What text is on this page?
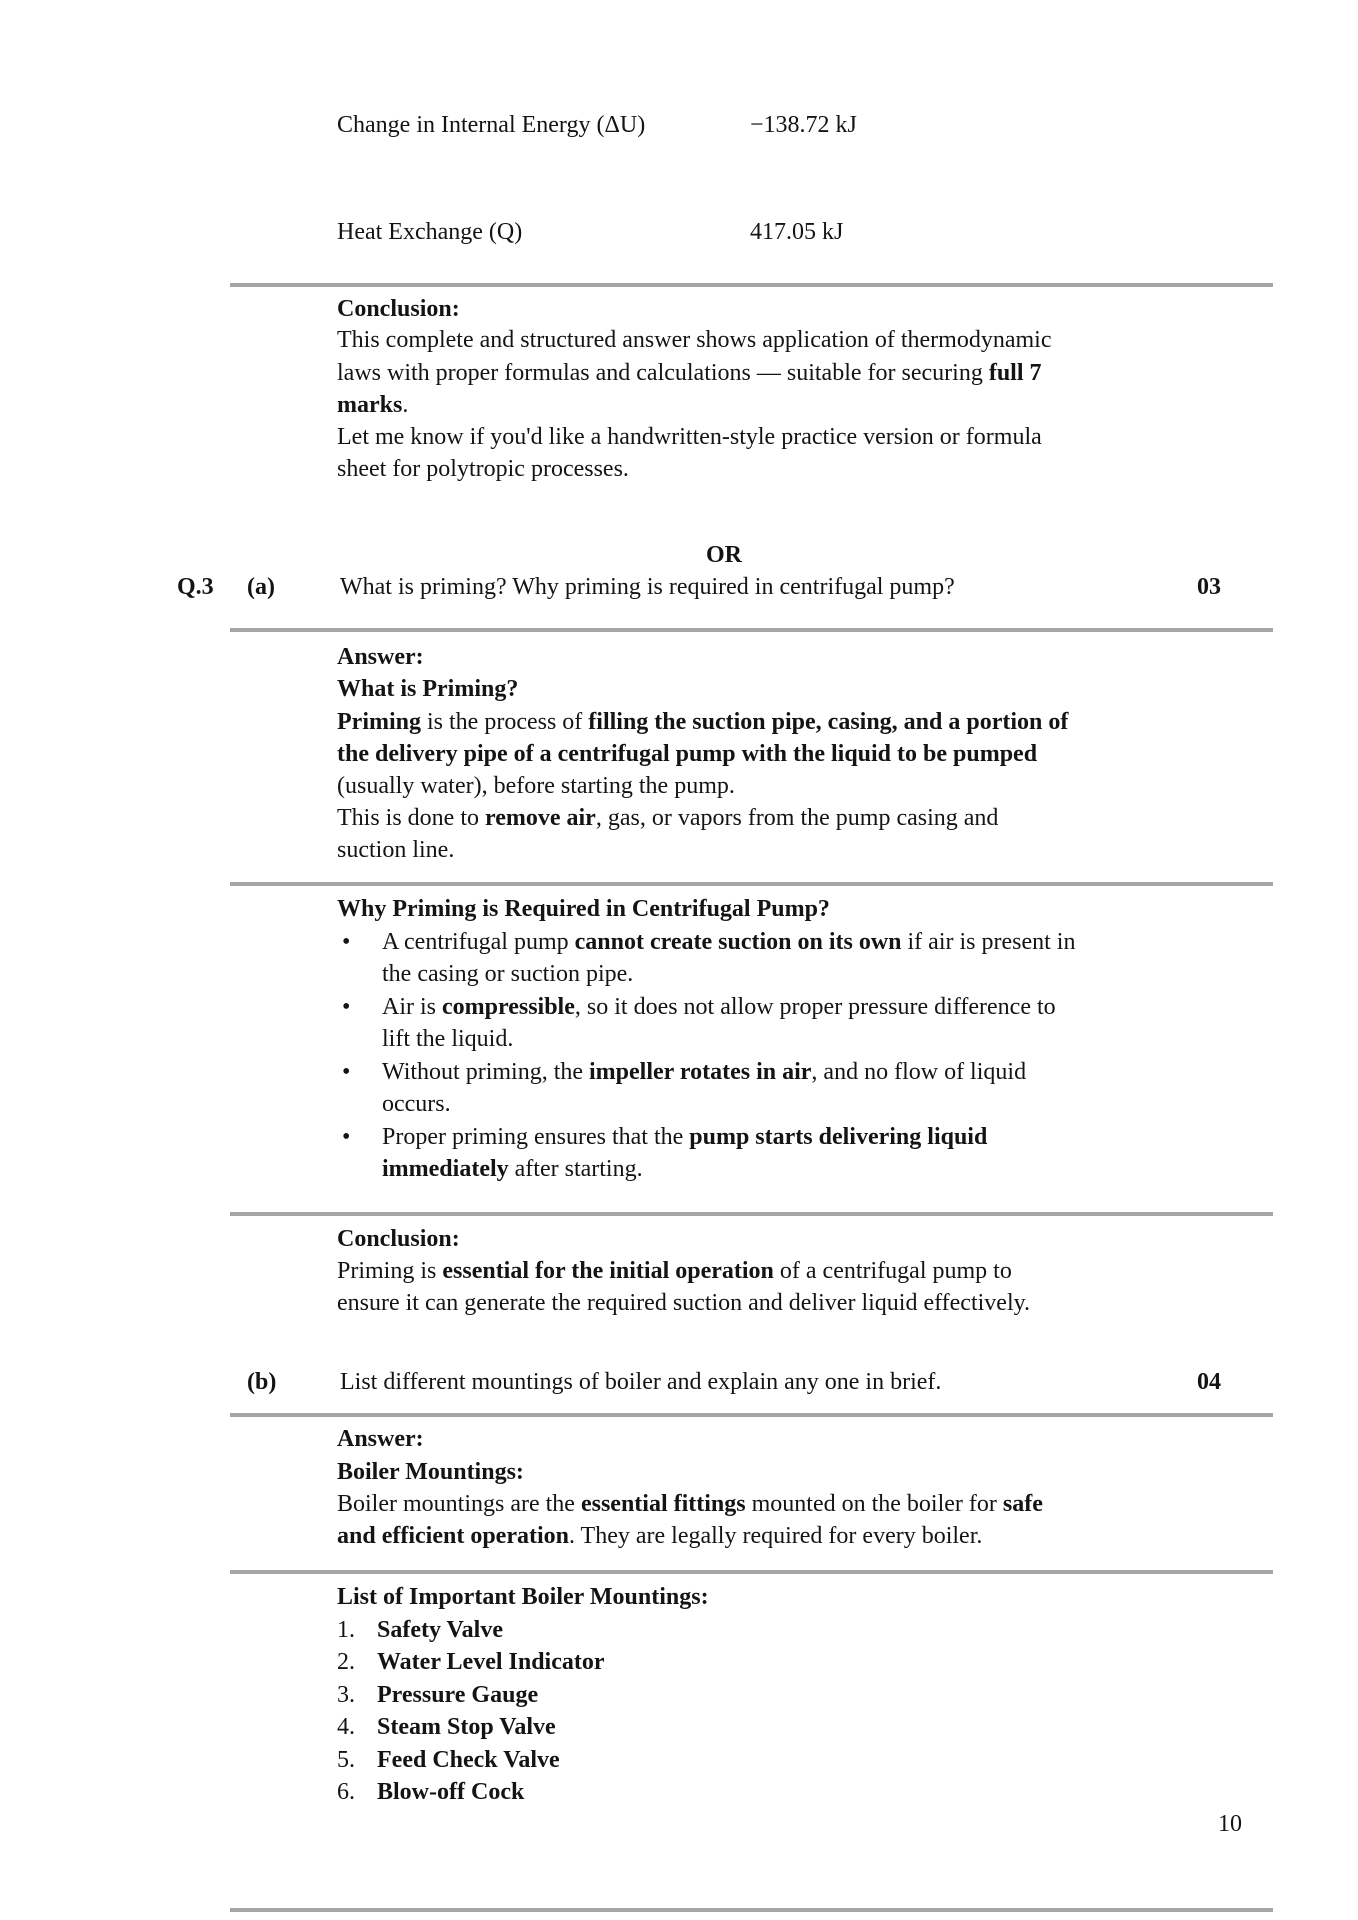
Change in Internal Energy (ΔU)	−138.72 kJ
Heat Exchange (Q)	417.05 kJ
Conclusion:
This complete and structured answer shows application of thermodynamic
laws with proper formulas and calculations — suitable for securing full 7
marks.
Let me know if you'd like a handwritten-style practice version or formula
sheet for polytropic processes.
OR
Q.3 (a)	What is priming? Why priming is required in centrifugal pump?	03
Answer:
What is Priming?
Priming is the process of filling the suction pipe, casing, and a portion of
the delivery pipe of a centrifugal pump with the liquid to be pumped
(usually water), before starting the pump.
This is done to remove air, gas, or vapors from the pump casing and
suction line.
Why Priming is Required in Centrifugal Pump?
A centrifugal pump cannot create suction on its own if air is present in
•
the casing or suction pipe.
Air is compressible, so it does not allow proper pressure difference to
•
lift the liquid.
Without priming, the impeller rotates in air, and no flow of liquid
•
occurs.
Proper priming ensures that the pump starts delivering liquid
•
immediately after starting.
Conclusion:
Priming is essential for the initial operation of a centrifugal pump to
ensure it can generate the required suction and deliver liquid effectively.
(b)	List different mountings of boiler and explain any one in brief.	04
Answer:
Boiler Mountings:
Boiler mountings are the essential fittings mounted on the boiler for safe
and efficient operation. They are legally required for every boiler.
List of Important Boiler Mountings:
Safety Valve
1.
Water Level Indicator
2.
Pressure Gauge
3.
Steam Stop Valve
4.
Feed Check Valve
5.
Blow-off Cock
6.
10
